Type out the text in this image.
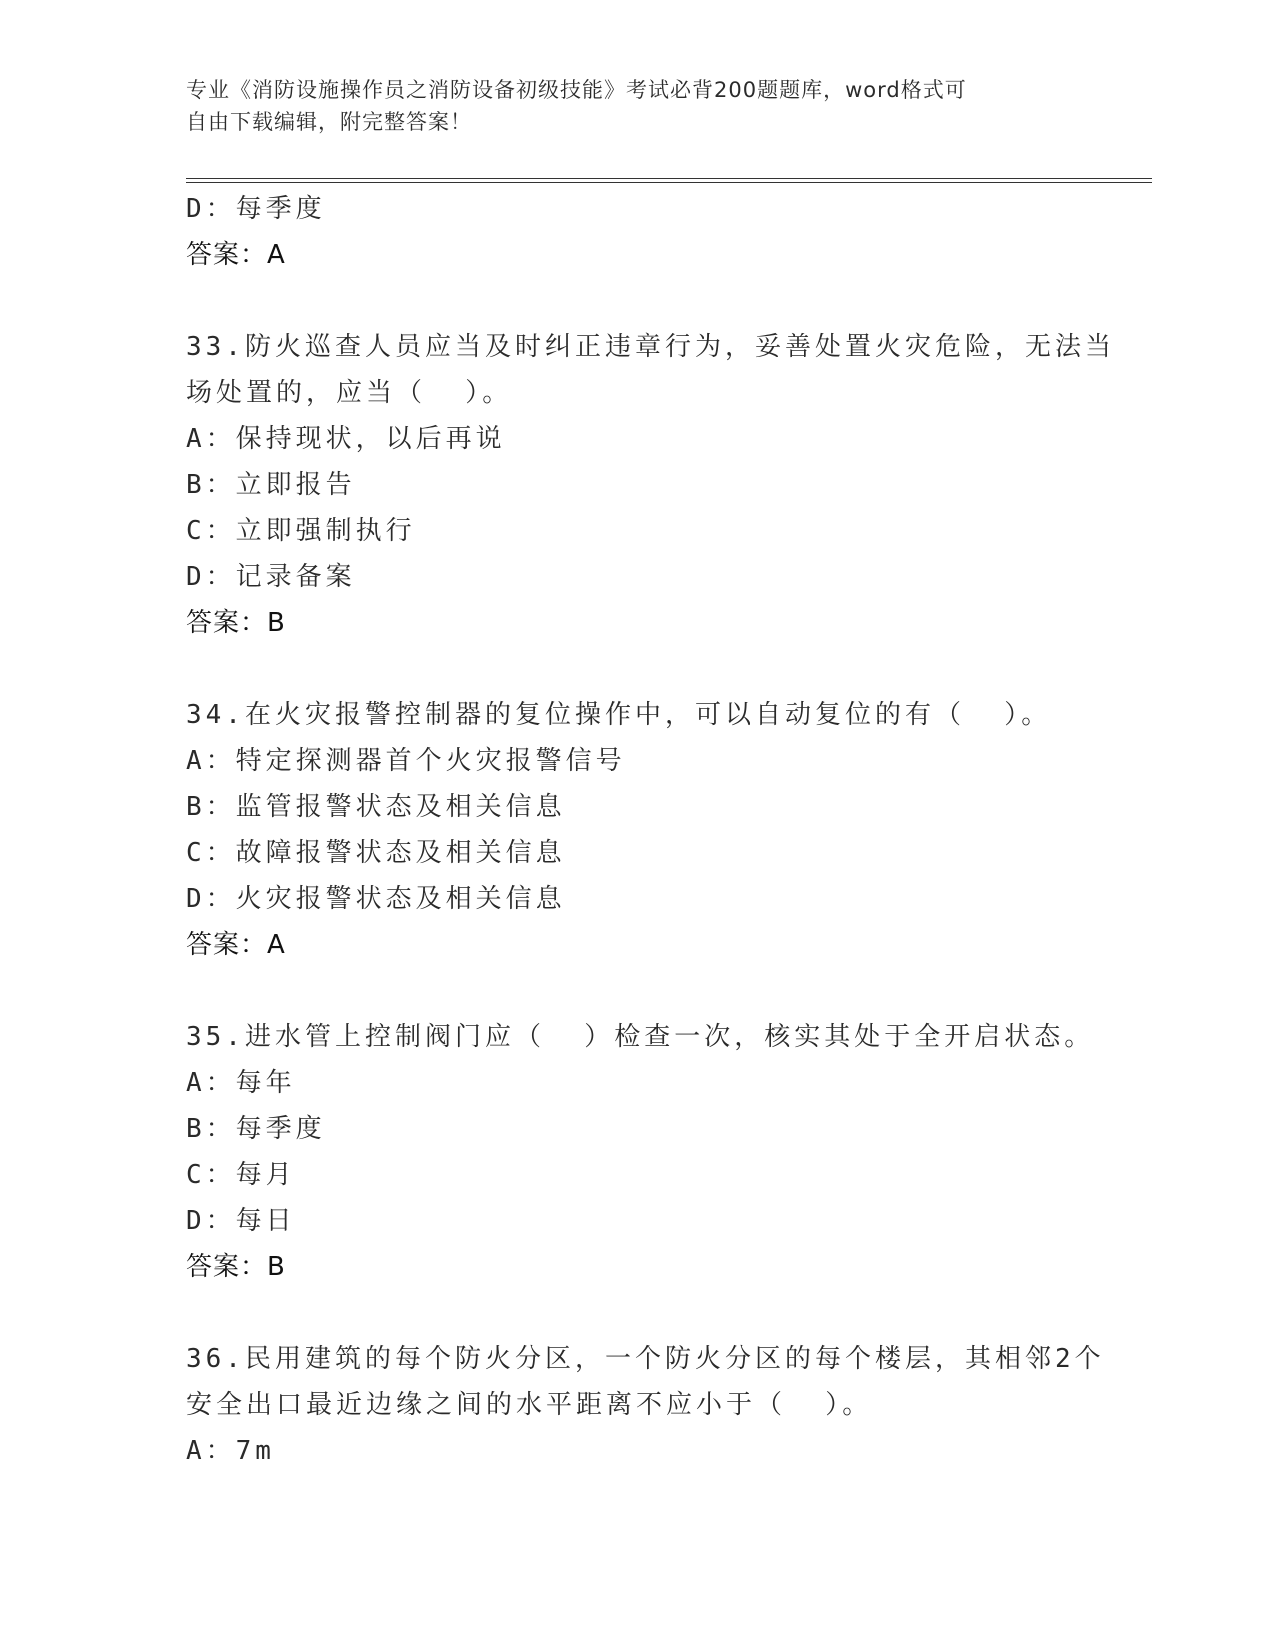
专业《消防设施操作员之消防设备初级技能》考试必背200题题库，word格式可
自由下载编辑，附完整答案！
D：每季度
答案：A
33.防火巡查人员应当及时纠正违章行为，妥善处置火灾危险，无法当
场处置的，应当（  ）。
A：保持现状，以后再说
B：立即报告
C：立即强制执行
D：记录备案
答案：B
34.在火灾报警控制器的复位操作中，可以自动复位的有（  ）。
A：特定探测器首个火灾报警信号
B：监管报警状态及相关信息
C：故障报警状态及相关信息
D：火灾报警状态及相关信息
答案：A
35.进水管上控制阀门应（  ）检查一次，核实其处于全开启状态。
A：每年
B：每季度
C：每月
D：每日
答案：B
36.民用建筑的每个防火分区，一个防火分区的每个楼层，其相邻2个
安全出口最近边缘之间的水平距离不应小于（  ）。
A：7m
